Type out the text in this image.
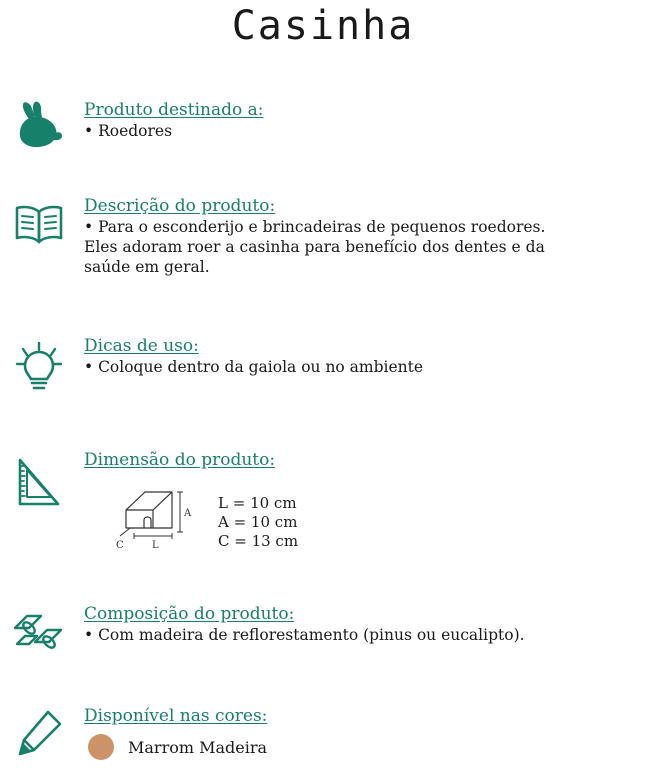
Casinha
Produto destinado a:

• Roedores

Descrição do produto:

• Para o esconderijo e brincadeiras de pequenos roedores.

Eles adoram roer a casinha para benefício dos dentes e da

saúde em geral.

Dicas de uso:

• Coloque dentro da gaiola ou no ambiente

Dimensão do produto:
A
L
C
L = 10 cm
A = 10 cm
C = 13 cm
Composição do produto:

• Com madeira de reflorestamento (pinus ou eucalipto).

Disponível nas cores:
Marrom Madeira
